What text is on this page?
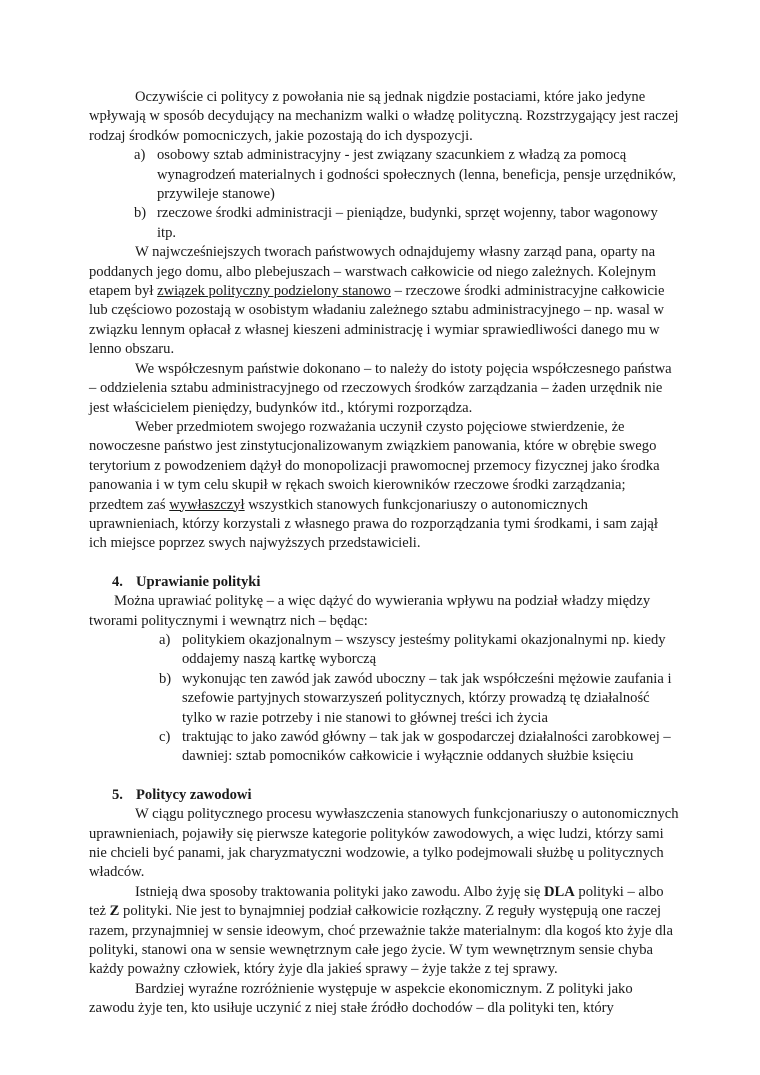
Oczywiście ci politycy z powołania nie są jednak nigdzie postaciami, które jako jedyne wpływają w sposób decydujący na mechanizm walki o władzę polityczną. Rozstrzygający jest raczej rodzaj środków pomocniczych, jakie pozostają do ich dyspozycji.

a) osobowy sztab administracyjny - jest związany szacunkiem z władzą za pomocą wynagrodzeń materialnych i godności społecznych (lenna, beneficja, pensje urzędników, przywileje stanowe)
b) rzeczowe środki administracji – pieniądze, budynki, sprzęt wojenny, tabor wagonowy itp.

W najwcześniejszych tworach państwowych odnajdujemy własny zarząd pana, oparty na poddanych jego domu, albo plebejuszach – warstwach całkowicie od niego zależnych. Kolejnym etapem był związek polityczny podzielony stanowo – rzeczowe środki administracyjne całkowicie lub częściowo pozostają w osobistym władaniu zależnego sztabu administracyjnego – np. wasal w związku lennym opłacał z własnej kieszeni administrację i wymiar sprawiedliwości danego mu w lenno obszaru.

We współczesnym państwie dokonano – to należy do istoty pojęcia współczesnego państwa – oddzielenia sztabu administracyjnego od rzeczowych środków zarządzania – żaden urzędnik nie jest właścicielem pieniędzy, budynków itd., którymi rozporządza.

Weber przedmiotem swojego rozważania uczynił czysto pojęciowe stwierdzenie, że nowoczesne państwo jest zinstytucjonalizowanym związkiem panowania, które w obrębie swego terytorium z powodzeniem dążył do monopolizacji prawomocnej przemocy fizycznej jako środka panowania i w tym celu skupił w rękach swoich kierowników rzeczowe środki zarządzania; przedtem zaś wywłaszczył wszystkich stanowych funkcjonariuszy o autonomicznych uprawnieniach, którzy korzystali z własnego prawa do rozporządzania tymi środkami, i sam zajął ich miejsce poprzez swych najwyższych przedstawicieli.

4. Uprawianie polityki

Można uprawiać politykę – a więc dążyć do wywierania wpływu na podział władzy między tworami politycznymi i wewnątrz nich – będąc:

a) politykiem okazjonalnym – wszyscy jesteśmy politykami okazjonalnymi np. kiedy oddajemy naszą kartkę wyborczą
b) wykonując ten zawód jak zawód uboczny – tak jak współcześni mężowie zaufania i szefowie partyjnych stowarzyszeń politycznych, którzy prowadzą tę działalność tylko w razie potrzeby i nie stanowi to głównej treści ich życia
c) traktując to jako zawód główny – tak jak w gospodarczej działalności zarobkowej – dawniej: sztab pomocników całkowicie i wyłącznie oddanych służbie księciu
5. Politycy zawodowi

W ciągu politycznego procesu wywłaszczenia stanowych funkcjonariuszy o autonomicznych uprawnieniach, pojawiły się pierwsze kategorie polityków zawodowych, a więc ludzi, którzy sami nie chcieli być panami, jak charyzmatyczni wodzowie, a tylko podejmowali służbę u politycznych władców.

Istnieją dwa sposoby traktowania polityki jako zawodu. Albo żyję się DLA polityki – albo też Z polityki. Nie jest to bynajmniej podział całkowicie rozłączny. Z reguły występują one raczej razem, przynajmniej w sensie ideowym, choć przeważnie także materialnym: dla kogoś kto żyje dla polityki, stanowi ona w sensie wewnętrznym całe jego życie. W tym wewnętrznym sensie chyba każdy poważny człowiek, który żyje dla jakieś sprawy – żyje także z tej sprawy.

Bardziej wyraźne rozróżnienie występuje w aspekcie ekonomicznym. Z polityki jako zawodu żyje ten, kto usiłuje uczynić z niej stałe źródło dochodów – dla polityki ten, który
